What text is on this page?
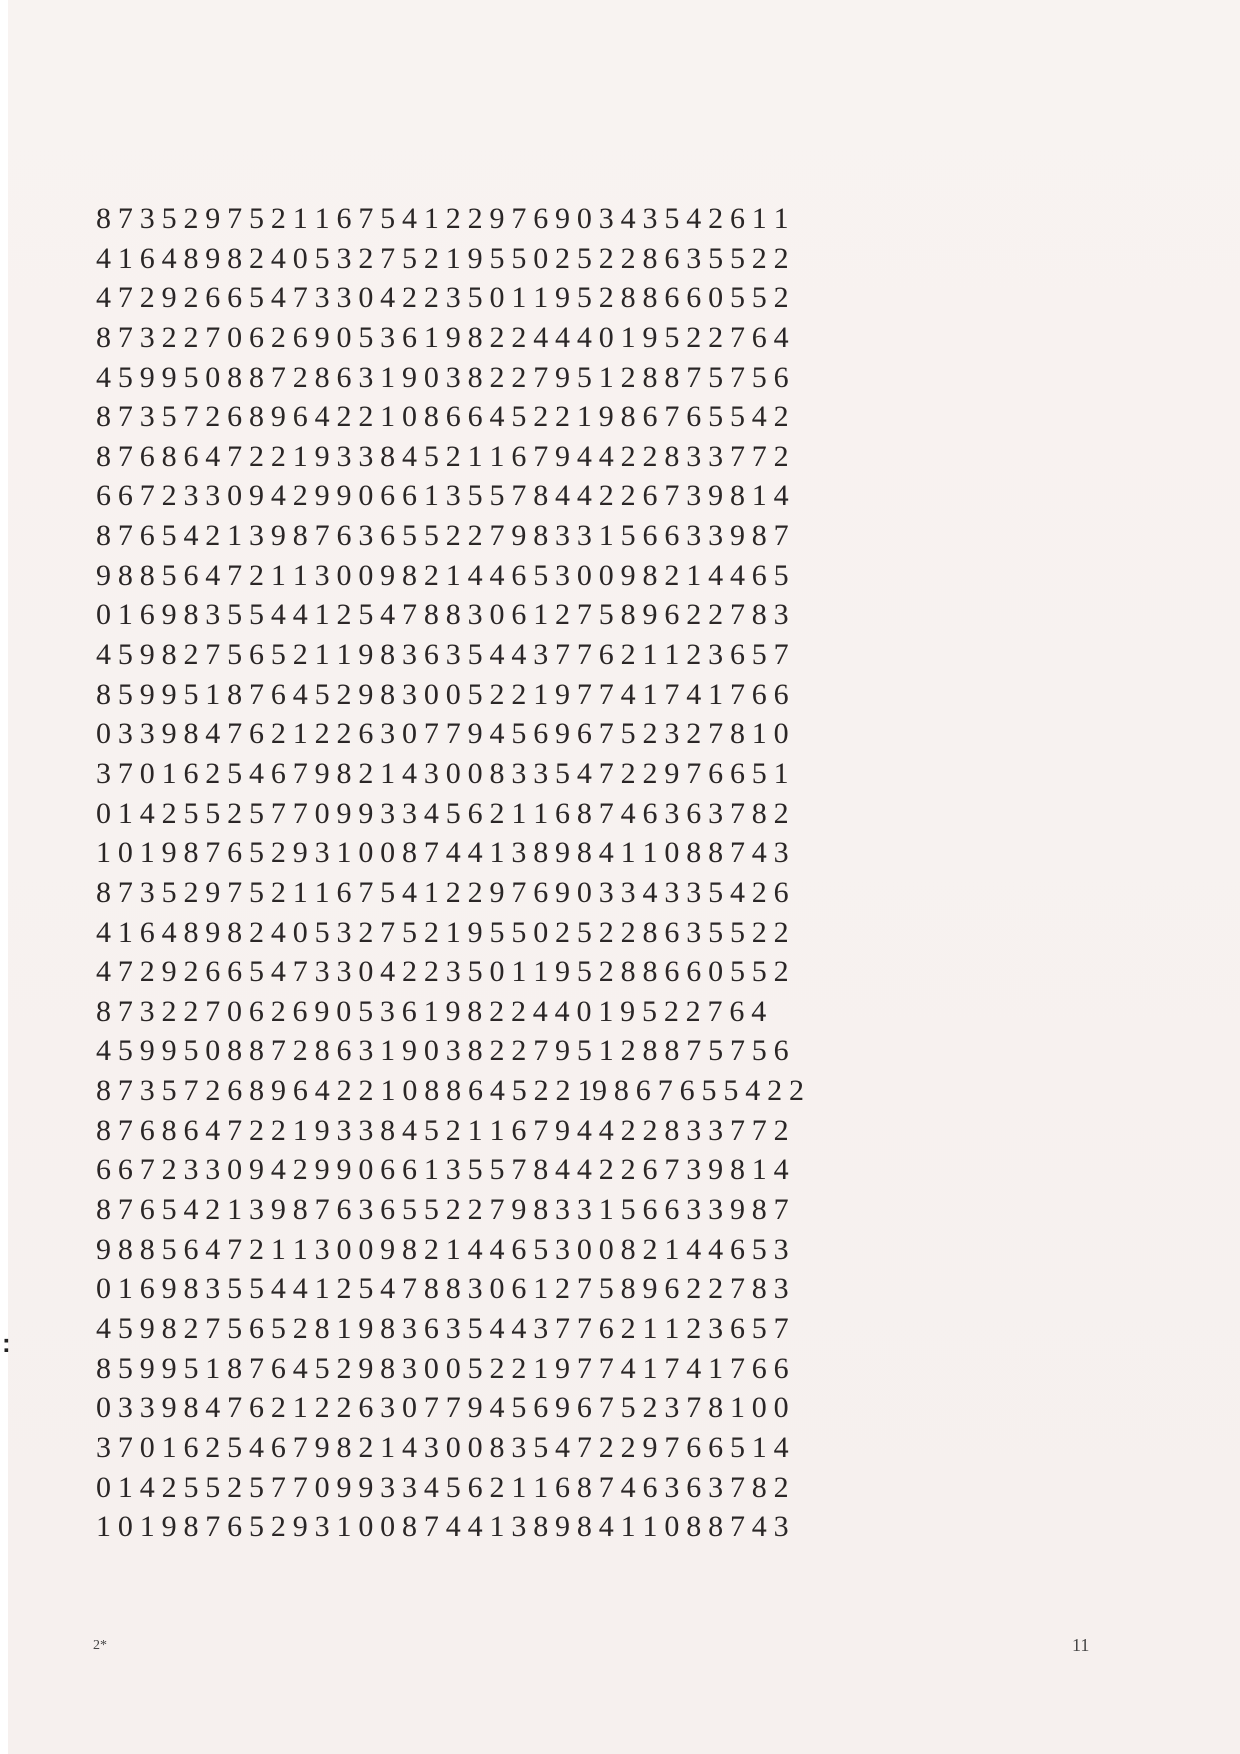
8 7 3 5 2 9 7 5 2 1 1 6 7 5 4 1 2 2 9 7 6 9 0 3 4 3 5 4 2 6 1 1
4 1 6 4 8 9 8 2 4 0 5 3 2 7 5 2 1 9 5 5 0 2 5 2 2 8 6 3 5 5 2 2
4 7 2 9 2 6 6 5 4 7 3 3 0 4 2 2 3 5 0 1 1 9 5 2 8 8 6 6 0 5 5 2
8 7 3 2 2 7 0 6 2 6 9 0 5 3 6 1 9 8 2 2 4 4 4 0 1 9 5 2 2 7 6 4
4 5 9 9 5 0 8 8 7 2 8 6 3 1 9 0 3 8 2 2 7 9 5 1 2 8 8 7 5 7 5 6
8 7 3 5 7 2 6 8 9 6 4 2 2 1 0 8 6 6 4 5 2 2 1 9 8 6 7 6 5 5 4 2
8 7 6 8 6 4 7 2 2 1 9 3 3 8 4 5 2 1 1 6 7 9 4 4 2 2 8 3 3 7 7 2
6 6 7 2 3 3 0 9 4 2 9 9 0 6 6 1 3 5 5 7 8 4 4 2 2 6 7 3 9 8 1 4
8 7 6 5 4 2 1 3 9 8 7 6 3 6 5 5 2 2 7 9 8 3 3 1 5 6 6 3 3 9 8 7
9 8 8 5 6 4 7 2 1 1 3 0 0 9 8 2 1 4 4 6 5 3 0 0 9 8 2 1 4 4 6 5
0 1 6 9 8 3 5 5 4 4 1 2 5 4 7 8 8 3 0 6 1 2 7 5 8 9 6 2 2 7 8 3
4 5 9 8 2 7 5 6 5 2 1 1 9 8 3 6 3 5 4 4 3 7 7 6 2 1 1 2 3 6 5 7
8 5 9 9 5 1 8 7 6 4 5 2 9 8 3 0 0 5 2 2 1 9 7 7 4 1 7 4 1 7 6 6
0 3 3 9 8 4 7 6 2 1 2 2 6 3 0 7 7 9 4 5 6 9 6 7 5 2 3 2 7 8 1 0
3 7 0 1 6 2 5 4 6 7 9 8 2 1 4 3 0 0 8 3 3 5 4 7 2 2 9 7 6 6 5 1
0 1 4 2 5 5 2 5 7 7 0 9 9 3 3 4 5 6 2 1 1 6 8 7 4 6 3 6 3 7 8 2
1 0 1 9 8 7 6 5 2 9 3 1 0 0 8 7 4 4 1 3 8 9 8 4 1 1 0 8 8 7 4 3
8 7 3 5 2 9 7 5 2 1 1 6 7 5 4 1 2 2 9 7 6 9 0 3 3 4 3 3 5 4 2 6
4 1 6 4 8 9 8 2 4 0 5 3 2 7 5 2 1 9 5 5 0 2 5 2 2 8 6 3 5 5 2 2
4 7 2 9 2 6 6 5 4 7 3 3 0 4 2 2 3 5 0 1 1 9 5 2 8 8 6 6 0 5 5 2
8 7 3 2 2 7 0 6 2 6 9 0 5 3 6 1 9 8 2 2 4 4 0 1 9 5 2 2 7 6 4
4 5 9 9 5 0 8 8 7 2 8 6 3 1 9 0 3 8 2 2 7 9 5 1 2 8 8 7 5 7 5 6
8 7 3 5 7 2 6 8 9 6 4 2 2 1 0 8 8 6 4 5 2 2 19 8 6 7 6 5 5 4 2 2
8 7 6 8 6 4 7 2 2 1 9 3 3 8 4 5 2 1 1 6 7 9 4 4 2 2 8 3 3 7 7 2
6 6 7 2 3 3 0 9 4 2 9 9 0 6 6 1 3 5 5 7 8 4 4 2 2 6 7 3 9 8 1 4
8 7 6 5 4 2 1 3 9 8 7 6 3 6 5 5 2 2 7 9 8 3 3 1 5 6 6 3 3 9 8 7
9 8 8 5 6 4 7 2 1 1 3 0 0 9 8 2 1 4 4 6 5 3 0 0 8 2 1 4 4 6 5 3
0 1 6 9 8 3 5 5 4 4 1 2 5 4 7 8 8 3 0 6 1 2 7 5 8 9 6 2 2 7 8 3
4 5 9 8 2 7 5 6 5 2 8 1 9 8 3 6 3 5 4 4 3 7 7 6 2 1 1 2 3 6 5 7
8 5 9 9 5 1 8 7 6 4 5 2 9 8 3 0 0 5 2 2 1 9 7 7 4 1 7 4 1 7 6 6
0 3 3 9 8 4 7 6 2 1 2 2 6 3 0 7 7 9 4 5 6 9 6 7 5 2 3 7 8 1 0 0
3 7 0 1 6 2 5 4 6 7 9 8 2 1 4 3 0 0 8 3 5 4 7 2 2 9 7 6 6 5 1 4
0 1 4 2 5 5 2 5 7 7 0 9 9 3 3 4 5 6 2 1 1 6 8 7 4 6 3 6 3 7 8 2
1 0 1 9 8 7 6 5 2 9 3 1 0 0 8 7 4 4 1 3 8 9 8 4 1 1 0 8 8 7 4 3
:
2*	11
